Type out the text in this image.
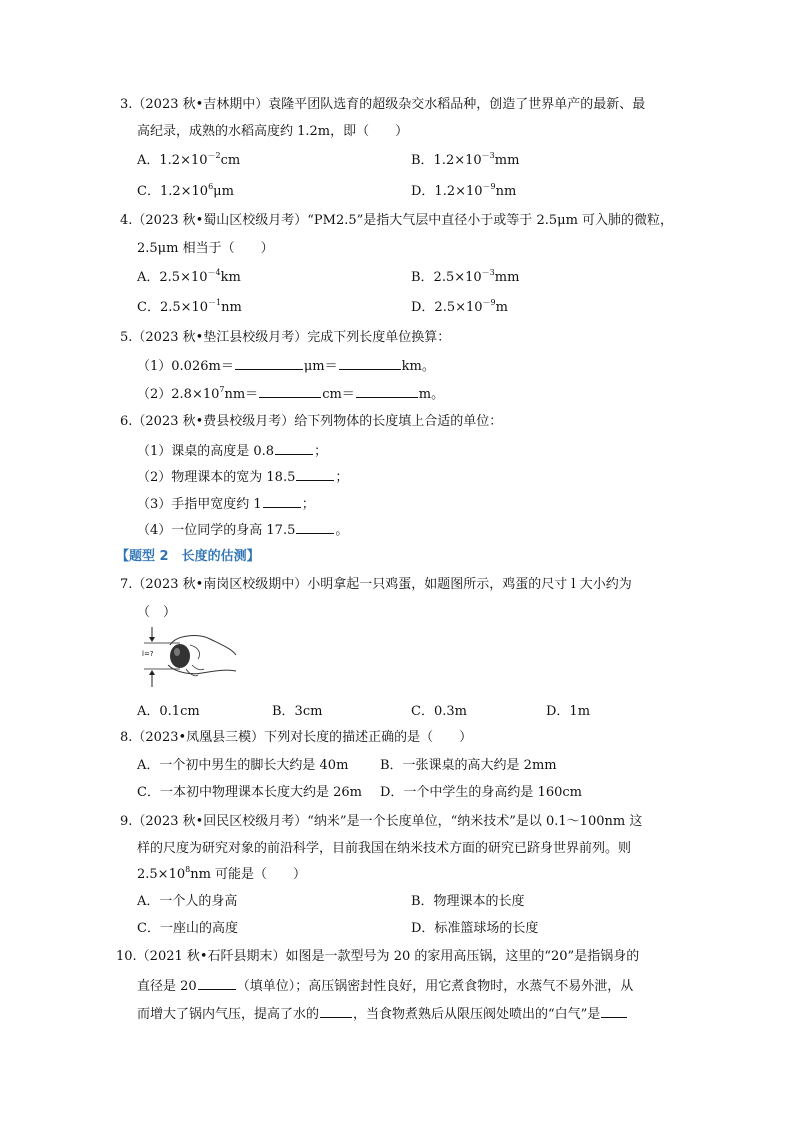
3.（2023 秋•吉林期中）袁隆平团队选育的超级杂交水稻品种，创造了世界单产的最新、最
高纪录，成熟的水稻高度约 1.2m，即（　　）
A．$1.2\times 10^{-2}cm$	B．$1.2\times 10^{-3}mm$
C．$1.2\times 10^6\mu m$	D．$1.2\times 10^{-9}nm$
4.（2023 秋•蜀山区校级月考）“PM2.5”是指大气层中直径小于或等于 2.5μm 可入肺的微粒，
2.5μm 相当于（　　）
A．$2.5\times 10^{-4}km$	B．$2.5\times 10^{-3}mm$
C．$2.5\times 10^{-1}nm$	D．$2.5\times 10^{-9}m$
5.（2023 秋•垫江县校级月考）完成下列长度单位换算：
（1）0.026m＝	μm＝	km。
$(2)2.8\times 10^7nm=$	cm＝	m。
6.（2023 秋•费县校级月考）给下列物体的长度填上合适的单位：
（1）课桌的高度是 0.8	；
（2）物理课本的宽为 18.5	；
（3）手指甲宽度约 1	；
（4）一位同学的身高 17.5	。
【题型 2　长度的估测】
7.（2023 秋•南岗区校级期中）小明拿起一只鸡蛋，如题图所示，鸡蛋的尺寸 l 大小约为
（　）
l=?
A．0.1cm	B．3cm	C．0.3m	D．1m
8.（2023•凤凰县三模）下列对长度的描述正确的是（　　）
A．一个初中男生的脚长大约是 40m B．一张课桌的高大约是 2mm
C．一本初中物理课本长度大约是 26m D．一个中学生的身高约是 160cm
9.（2023 秋•回民区校级月考）“纳米”是一个长度单位，“纳米技术”是以 0.1～100nm 这
样的尺度为研究对象的前沿科学，目前我国在纳米技术方面的研究已跻身世界前列。则
$2.5\times 10^8nm$ 可能是（　　）
A．一个人的身高	B．物理课本的长度
C．一座山的高度	D．标准篮球场的长度
10.（2021 秋•石阡县期末）如图是一款型号为 20 的家用高压锅，这里的“20”是指锅身的
直径是 20	（填单位）；高压锅密封性良好，用它煮食物时，水蒸气不易外泄，从
而增大了锅内气压，提高了水的	，当食物煮熟后从限压阀处喷出的“白气”是
